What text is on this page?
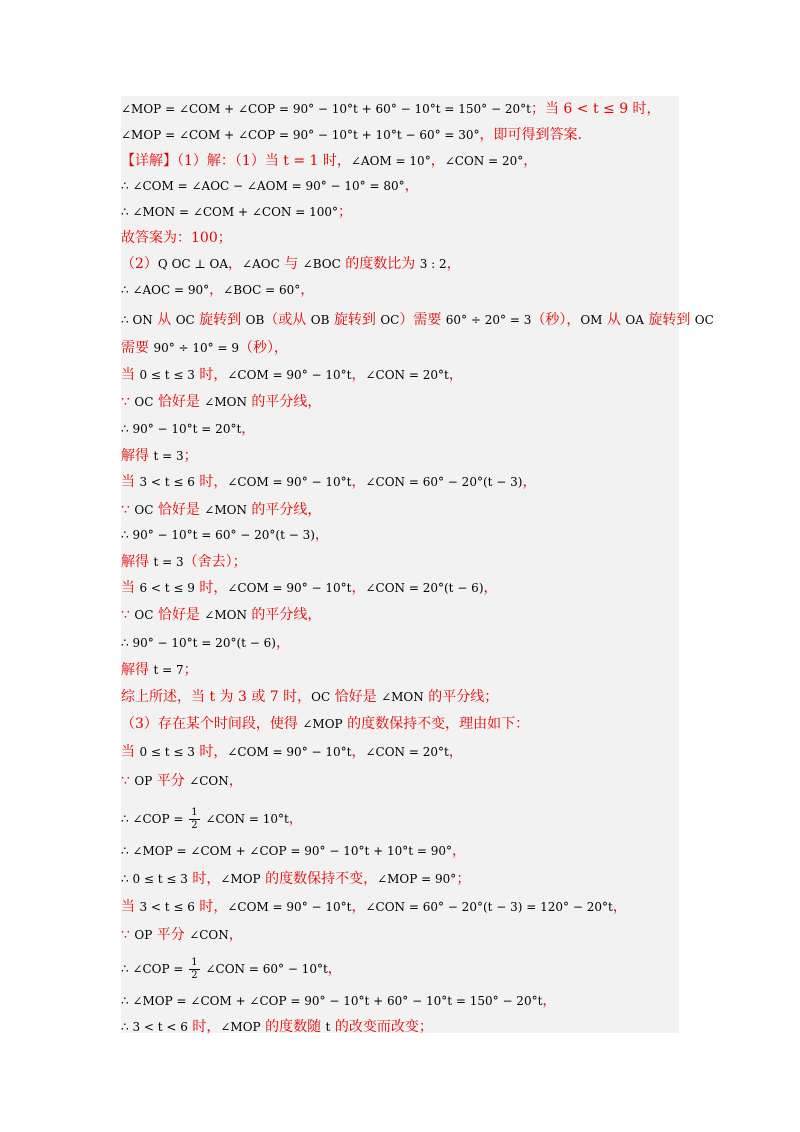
∠MOP = ∠COM + ∠COP = 90° − 10°t + 60° − 10°t = 150° − 20°t；当 6 < t ≤ 9 时，
∠MOP = ∠COM + ∠COP = 90° − 10°t + 10°t − 60° = 30°，即可得到答案.
【详解】（1）解：（1）当 t = 1 时，∠AOM = 10°，∠CON = 20°，
∴ ∠COM = ∠AOC − ∠AOM = 90° − 10° = 80°，
∴ ∠MON = ∠COM + ∠CON = 100°；
故答案为：100；
（2）Q OC ⊥ OA，∠AOC 与 ∠BOC 的度数比为 3 : 2，
∴ ∠AOC = 90°，∠BOC = 60°，
∴ ON 从 OC 旋转到 OB（或从 OB 旋转到 OC）需要 60° ÷ 20° = 3（秒），OM 从 OA 旋转到 OC
需要 90° ÷ 10° = 9（秒），
当 0 ≤ t ≤ 3 时，∠COM = 90° − 10°t，∠CON = 20°t，
∵ OC 恰好是 ∠MON 的平分线，
∴ 90° − 10°t = 20°t，
解得 t = 3；
当 3 < t ≤ 6 时，∠COM = 90° − 10°t，∠CON = 60° − 20°(t − 3)，
∵ OC 恰好是 ∠MON 的平分线，
∴ 90° − 10°t = 60° − 20°(t − 3)，
解得 t = 3（舍去）；
当 6 < t ≤ 9 时，∠COM = 90° − 10°t，∠CON = 20°(t − 6)，
∵ OC 恰好是 ∠MON 的平分线，
∴ 90° − 10°t = 20°(t − 6)，
解得 t = 7；
综上所述，当 t 为 3 或 7 时，OC 恰好是 ∠MON 的平分线；
（3）存在某个时间段，使得 ∠MOP 的度数保持不变，理由如下：
当 0 ≤ t ≤ 3 时，∠COM = 90° − 10°t，∠CON = 20°t，
∵ OP 平分 ∠CON，
∴ ∠COP = $\frac{1}{2}$ ∠CON = 10°t，
∴ ∠MOP = ∠COM + ∠COP = 90° − 10°t + 10°t = 90°，
∴ 0 ≤ t ≤ 3 时，∠MOP 的度数保持不变，∠MOP = 90°；
当 3 < t ≤ 6 时，∠COM = 90° − 10°t，∠CON = 60° − 20°(t − 3) = 120° − 20°t，
∵ OP 平分 ∠CON，
∴ ∠COP = $\frac{1}{2}$ ∠CON = 60° − 10°t，
∴ ∠MOP = ∠COM + ∠COP = 90° − 10°t + 60° − 10°t = 150° − 20°t，
∴ 3 < t < 6 时，∠MOP 的度数随 t 的改变而改变；
